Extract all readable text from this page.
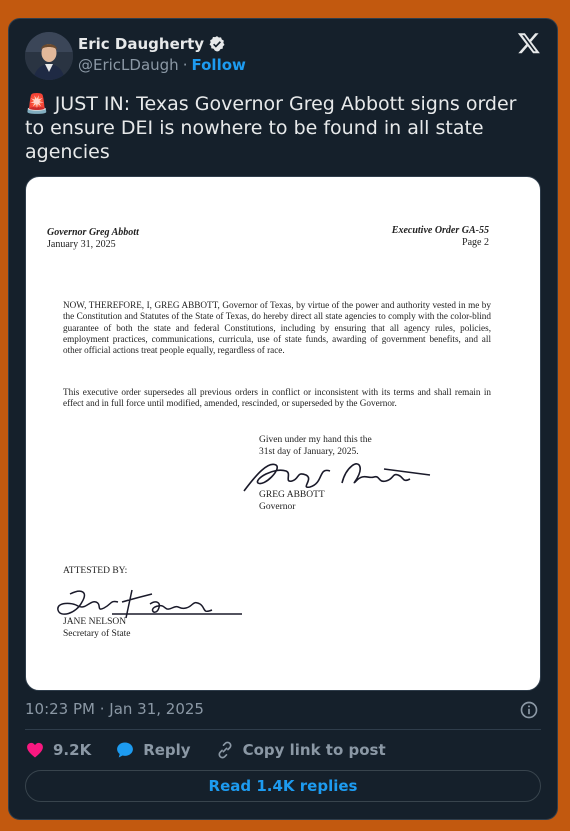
Eric Daugherty
@EricLDaugh · Follow
🚨 JUST IN: Texas Governor Greg Abbott signs order to ensure DEI is nowhere to be found in all state agencies
Governor Greg Abbott
January 31, 2025
Executive Order GA-55
Page 2
NOW, THEREFORE, I, GREG ABBOTT, Governor of Texas, by virtue of the power and authority vested in me by the Constitution and Statutes of the State of Texas, do hereby direct all state agencies to comply with the color-blind guarantee of both the state and federal Constitutions, including by ensuring that all agency rules, policies, employment practices, communications, curricula, use of state funds, awarding of government benefits, and all other official actions treat people equally, regardless of race.
This executive order supersedes all previous orders in conflict or inconsistent with its terms and shall remain in effect and in full force until modified, amended, rescinded, or superseded by the Governor.
Given under my hand this the
31st day of January, 2025.
GREG ABBOTT
Governor
ATTESTED BY:
JANE NELSON
Secretary of State
10:23 PM · Jan 31, 2025
9.2K	Reply	Copy link to post
Read 1.4K replies
